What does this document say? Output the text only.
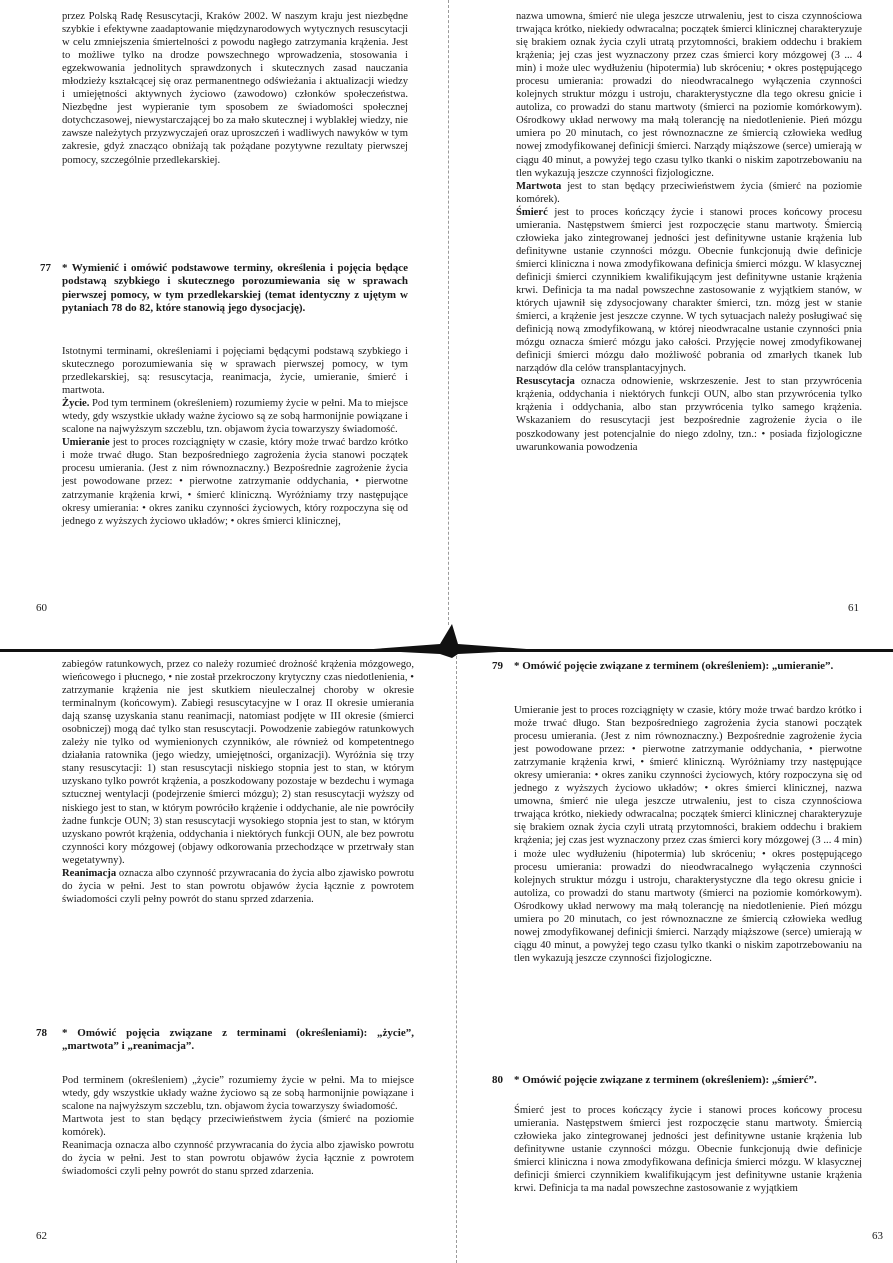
przez Polską Radę Resuscytacji, Kraków 2002. W naszym kraju jest niezbędne szybkie i efektywne zaadaptowanie międzynarodowych wytycznych resuscytacji w celu zmniejszenia śmiertelności z powodu nagłego zatrzymania krążenia. Jest to możliwe tylko na drodze powszechnego wprowadzenia, stosowania i egzekwowania jednolitych sprawdzonych i skutecznych zasad nauczania młodzieży kształcącej się oraz permanentnego odświeżania i aktualizacji wiedzy i umiejętności aktywnych życiowo (zawodowo) członków społeczeństwa. Niezbędne jest wypieranie tym sposobem ze świadomości społecznej dotychczasowej, niewystarczającej bo za mało skutecznej i wyblakłej wiedzy, nie zawsze należytych przyzwyczajeń oraz uproszczeń i wadliwych nawyków w tym zakresie, gdyż znacząco obniżają tak pożądane pozytywne rezultaty pierwszej pomocy, szczególnie przedlekarskiej.

77 * Wymienić i omówić podstawowe terminy, określenia i pojęcia będące podstawą szybkiego i skutecznego porozumiewania się w sprawach pierwszej pomocy, w tym przedlekarskiej (temat identyczny z ujętym w pytaniach 78 do 82, które stanowią jego dysocjację).

Istotnymi terminami, określeniami i pojęciami będącymi podstawą szybkiego i skutecznego porozumiewania się w sprawach pierwszej pomocy, w tym przedlekarskiej, są: resuscytacja, reanimacja, życie, umieranie, śmierć i martwota.

Życie. Pod tym terminem (określeniem) rozumiemy życie w pełni. Ma to miejsce wtedy, gdy wszystkie układy ważne życiowo są ze sobą harmonijnie powiązane i scalone na najwyższym szczeblu, tzn. objawom życia towarzyszy świadomość.

Umieranie jest to proces rozciągnięty w czasie, który może trwać bardzo krótko i może trwać długo. Stan bezpośredniego zagrożenia życia stanowi początek procesu umierania. (Jest z nim równoznaczny.) Bezpośrednie zagrożenie życia jest powodowane przez: • pierwotne zatrzymanie oddychania, • pierwotne zatrzymanie krążenia krwi, • śmierć kliniczną. Wyróżniamy trzy następujące okresy umierania: • okres zaniku czynności życiowych, który rozpoczyna się od jednego z wyższych życiowo układów; • okres śmierci klinicznej,

60

nazwa umowna, śmierć nie ulega jeszcze utrwaleniu, jest to cisza czynnościowa trwająca krótko, niekiedy odwracalna; początek śmierci klinicznej charakteryzuje się brakiem oznak życia czyli utratą przytomności, brakiem oddechu i brakiem krążenia; jej czas jest wyznaczony przez czas śmierci kory mózgowej (3 ... 4 min) i może ulec wydłużeniu (hipotermia) lub skróceniu; • okres postępującego procesu umierania: prowadzi do nieodwracalnego wyłączenia czynności kolejnych struktur mózgu i ustroju, charakterystyczne dla tego okresu gnicie i autoliza, co prowadzi do stanu martwoty (śmierci na poziomie komórkowym). Ośrodkowy układ nerwowy ma małą tolerancję na niedotlenienie. Pień mózgu umiera po 20 minutach, co jest równoznaczne ze śmiercią człowieka według nowej zmodyfikowanej definicji śmierci. Narządy miąższowe (serce) umierają w ciągu 40 minut, a powyżej tego czasu tylko tkanki o niskim zapotrzebowaniu na tlen wykazują jeszcze czynności fizjologiczne.

Martwota jest to stan będący przeciwieństwem życia (śmierć na poziomie komórek).

Śmierć jest to proces kończący życie i stanowi proces końcowy procesu umierania. Następstwem śmierci jest rozpoczęcie stanu martwoty. Śmiercią człowieka jako zintegrowanej jedności jest definitywne ustanie krążenia lub definitywne ustanie czynności mózgu. Obecnie funkcjonują dwie definicje śmierci kliniczna i nowa zmodyfikowana definicja śmierci mózgu. W klasycznej definicji śmierci czynnikiem kwalifikującym jest definitywne ustanie krążenia krwi. Definicja ta ma nadal powszechne zastosowanie z wyjątkiem stanów, w których ujawnił się zdysocjowany charakter śmierci, tzn. mózg jest w stanie śmierci, a krążenie jest jeszcze czynne. W tych sytuacjach należy posługiwać się definicją nową zmodyfikowaną, w której nieodwracalne ustanie czynności pnia mózgu oznacza śmierć mózgu jako całości. Przyjęcie nowej zmodyfikowanej definicji śmierci mózgu dało możliwość pobrania od zmarłych tkanek lub narządów dla celów transplantacyjnych.

Resuscytacja oznacza odnowienie, wskrzeszenie. Jest to stan przywrócenia krążenia, oddychania i niektórych funkcji OUN, albo stan przywrócenia tylko krążenia i oddychania, albo stan przywrócenia tylko samego krążenia. Wskazaniem do resuscytacji jest bezpośrednie zagrożenie życia o ile poszkodowany jest potencjalnie do niego zdolny, tzn.: • posiada fizjologiczne uwarunkowania powodzenia

61

zabiegów ratunkowych, przez co należy rozumieć drożność krążenia mózgowego, wieńcowego i płucnego, • nie został przekroczony krytyczny czas niedotlenienia, • zatrzymanie krążenia nie jest skutkiem nieuleczalnej choroby w okresie terminalnym (końcowym). Zabiegi resuscytacyjne w I oraz II okresie umierania dają szansę uzyskania stanu reanimacji, natomiast podjęte w III okresie (śmierci osobniczej) mogą dać tylko stan resuscytacji. Powodzenie zabiegów ratunkowych zależy nie tylko od wymienionych czynników, ale również od kompetentnego działania ratownika (jego wiedzy, umiejętności, organizacji). Wyróżnia się trzy stany resuscytacji: 1) stan resuscytacji niskiego stopnia jest to stan, w którym uzyskano tylko powrót krążenia, a poszkodowany pozostaje w bezdechu i wymaga sztucznej wentylacji (podejrzenie śmierci mózgu); 2) stan resuscytacji wyższy od niskiego jest to stan, w którym powróciło krążenie i oddychanie, ale nie powróciły żadne funkcje OUN; 3) stan resuscytacji wysokiego stopnia jest to stan, w którym uzyskano powrót krążenia, oddychania i niektórych funkcji OUN, ale bez powrotu czynności kory mózgowej (objawy odkorowania przechodzące w przetrwały stan wegetatywny).

Reanimacja oznacza albo czynność przywracania do życia albo zjawisko powrotu do życia w pełni. Jest to stan powrotu objawów życia łącznie z powrotem świadomości czyli pełny powrót do stanu sprzed zdarzenia.

78 * Omówić pojęcia związane z terminami (określeniami): „życie”, „martwota” i „reanimacja”.

Pod terminem (określeniem) „życie” rozumiemy życie w pełni. Ma to miejsce wtedy, gdy wszystkie układy ważne życiowo są ze sobą harmonijnie powiązane i scalone na najwyższym szczeblu, tzn. objawom życia towarzyszy świadomość.

Martwota jest to stan będący przeciwieństwem życia (śmierć na poziomie komórek).

Reanimacja oznacza albo czynność przywracania do życia albo zjawisko powrotu do życia w pełni. Jest to stan powrotu objawów życia łącznie z powrotem świadomości czyli pełny powrót do stanu sprzed zdarzenia.

62
79 * Omówić pojęcie związane z terminem (określeniem): „umieranie”.

Umieranie jest to proces rozciągnięty w czasie, który może trwać bardzo krótko i może trwać długo. Stan bezpośredniego zagrożenia życia stanowi początek procesu umierania. (Jest z nim równoznaczny.) Bezpośrednie zagrożenie życia jest powodowane przez: • pierwotne zatrzymanie oddychania, • pierwotne zatrzymanie krążenia krwi, • śmierć kliniczną. Wyróżniamy trzy następujące okresy umierania: • okres zaniku czynności życiowych, który rozpoczyna się od jednego z wyższych życiowo układów; • okres śmierci klinicznej, nazwa umowna, śmierć nie ulega jeszcze utrwaleniu, jest to cisza czynnościowa trwająca krótko, niekiedy odwracalna; początek śmierci klinicznej charakteryzuje się brakiem oznak życia czyli utratą przytomności, brakiem oddechu i brakiem krążenia; jej czas jest wyznaczony przez czas śmierci kory mózgowej (3 ... 4 min) i może ulec wydłużeniu (hipotermia) lub skróceniu; • okres postępującego procesu umierania: prowadzi do nieodwracalnego wyłączenia czynności kolejnych struktur mózgu i ustroju, charakterystyczne dla tego okresu gnicie i autoliza, co prowadzi do stanu martwoty (śmierci na poziomie komórkowym). Ośrodkowy układ nerwowy ma małą tolerancję na niedotlenienie. Pień mózgu umiera po 20 minutach, co jest równoznaczne ze śmiercią człowieka według nowej zmodyfikowanej definicji śmierci. Narządy miąższowe (serce) umierają w ciągu 40 minut, a powyżej tego czasu tylko tkanki o niskim zapotrzebowaniu na tlen wykazują jeszcze czynności fizjologiczne.

80 * Omówić pojęcie związane z terminem (określeniem): „śmierć”.

Śmierć jest to proces kończący życie i stanowi proces końcowy procesu umierania. Następstwem śmierci jest rozpoczęcie stanu martwoty. Śmiercią człowieka jako zintegrowanej jedności jest definitywne ustanie krążenia lub definitywne ustanie czynności mózgu. Obecnie funkcjonują dwie definicje śmierci kliniczna i nowa zmodyfikowana definicja śmierci mózgu. W klasycznej definicji śmierci czynnikiem kwalifikującym jest definitywne ustanie krążenia krwi. Definicja ta ma nadal powszechne zastosowanie z wyjątkiem

63
